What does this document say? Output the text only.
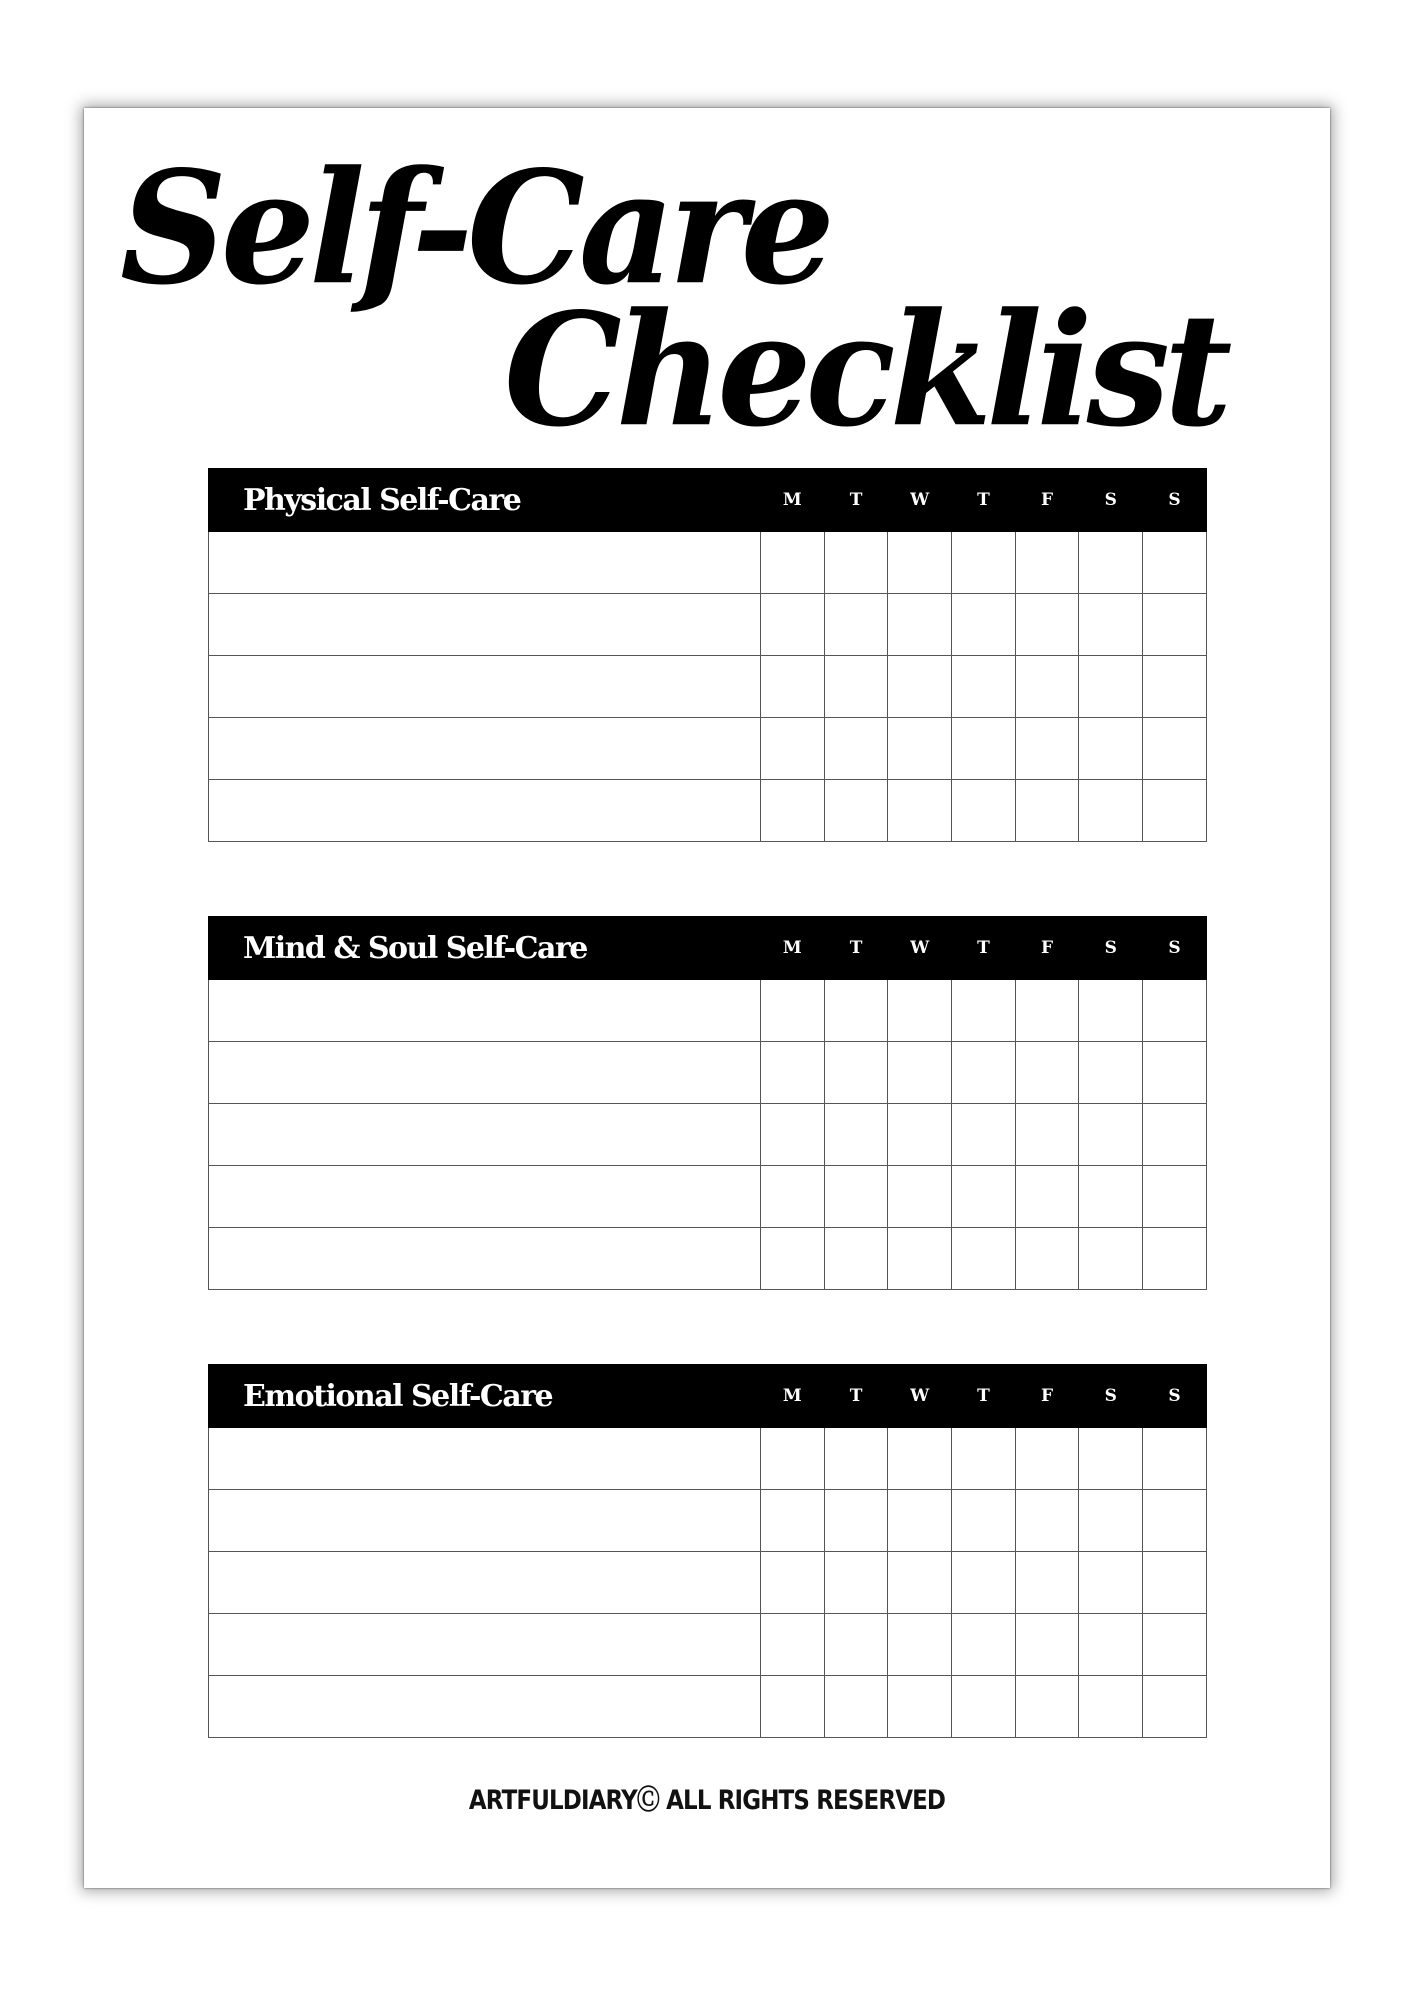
Self-Care
Checklist
Physical Self-Care	M	T	W	T	F	S	S

Mind & Soul Self-Care	M	T	W	T	F	S	S

Emotional Self-Care	M	T	W	T	F	S	S

ARTFULDIARYⒸ ALL RIGHTS RESERVED
